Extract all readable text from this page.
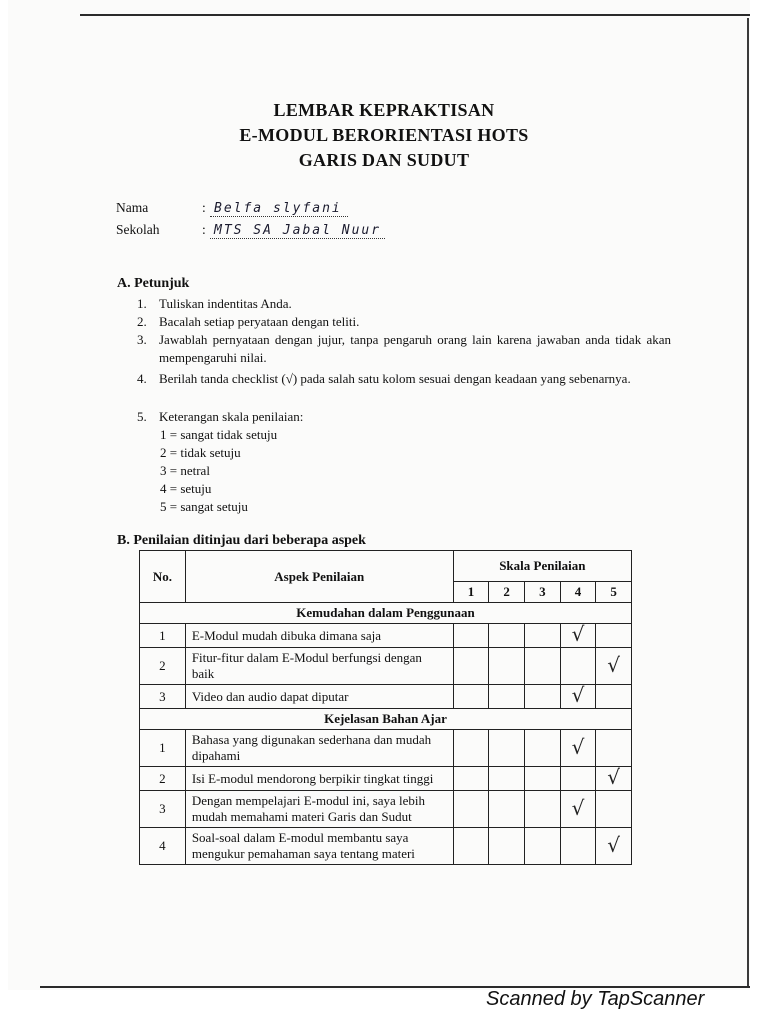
LEMBAR KEPRAKTISAN
E-MODUL BERORIENTASI HOTS
GARIS DAN SUDUT
Nama	: Belfa slyfani
Sekolah	: MTS SA Jabal Nuur
A. Petunjuk
1. Tuliskan indentitas Anda.
2. Bacalah setiap peryataan dengan teliti.
3. Jawablah pernyataan dengan jujur, tanpa pengaruh orang lain karena jawaban anda tidak akan mempengaruhi nilai.
4. Berilah tanda checklist (√) pada salah satu kolom sesuai dengan keadaan yang sebenarnya.
5. Keterangan skala penilaian:
1 = sangat tidak setuju
2 = tidak setuju
3 = netral
4 = setuju
5 = sangat setuju
B. Penilaian ditinjau dari beberapa aspek
No.	Aspek Penilaian	Skala Penilaian				
		1	2	3	4	5
Kemudahan dalam Penggunaan						
1	E-Modul mudah dibuka dimana saja				√	
2	Fitur-fitur dalam E-Modul berfungsi dengan baik					√
3	Video dan audio dapat diputar				√	
Kejelasan Bahan Ajar						
1	Bahasa yang digunakan sederhana dan mudah dipahami				√	
2	Isi E-modul mendorong berpikir tingkat tinggi					√
3	Dengan mempelajari E-modul ini, saya lebih mudah memahami materi Garis dan Sudut				√	
4	Soal-soal dalam E-modul membantu saya mengukur pemahaman saya tentang materi					√
Scanned by TapScanner
